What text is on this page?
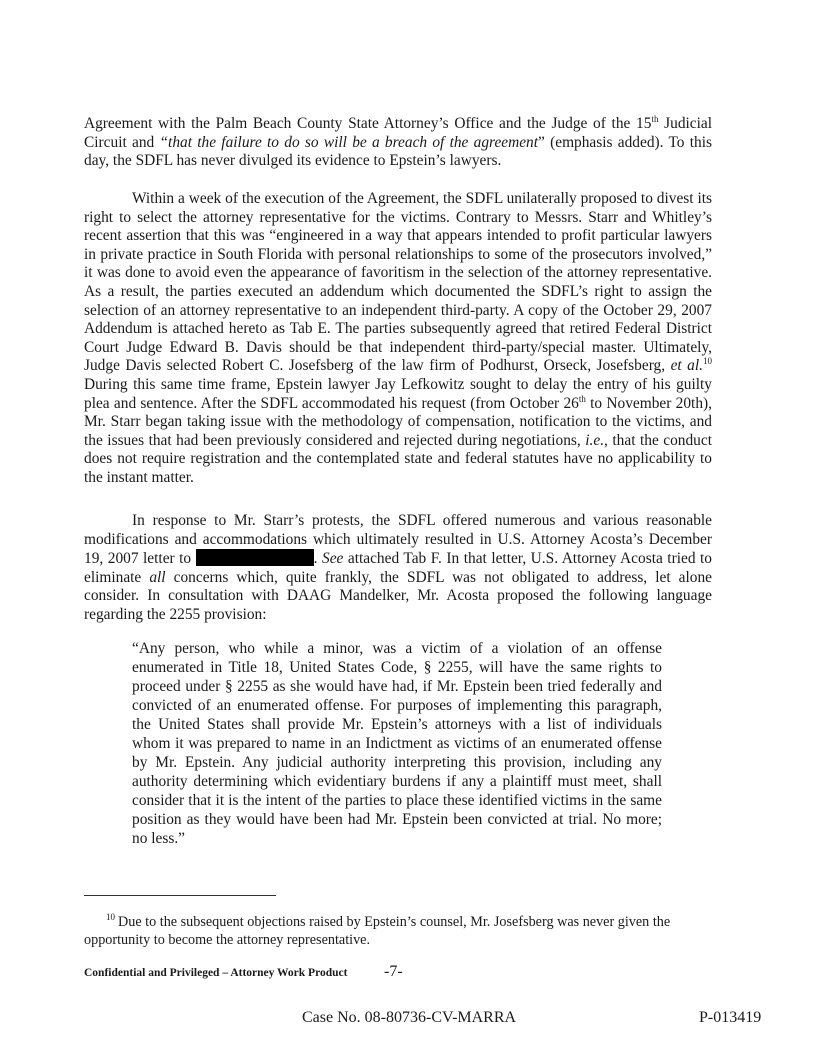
Agreement with the Palm Beach County State Attorney’s Office and the Judge of the 15th Judicial Circuit and “that the failure to do so will be a breach of the agreement” (emphasis added). To this day, the SDFL has never divulged its evidence to Epstein’s lawyers.

Within a week of the execution of the Agreement, the SDFL unilaterally proposed to divest its right to select the attorney representative for the victims. Contrary to Messrs. Starr and Whitley’s recent assertion that this was “engineered in a way that appears intended to profit particular lawyers in private practice in South Florida with personal relationships to some of the prosecutors involved,” it was done to avoid even the appearance of favoritism in the selection of the attorney representative. As a result, the parties executed an addendum which documented the SDFL’s right to assign the selection of an attorney representative to an independent third-party. A copy of the October 29, 2007 Addendum is attached hereto as Tab E. The parties subsequently agreed that retired Federal District Court Judge Edward B. Davis should be that independent third-party/special master. Ultimately, Judge Davis selected Robert C. Josefsberg of the law firm of Podhurst, Orseck, Josefsberg, et al.$^{10}$ During this same time frame, Epstein lawyer Jay Lefkowitz sought to delay the entry of his guilty plea and sentence. After the SDFL accommodated his request (from October 26th to November 20th), Mr. Starr began taking issue with the methodology of compensation, notification to the victims, and the issues that had been previously considered and rejected during negotiations, i.e., that the conduct does not require registration and the contemplated state and federal statutes have no applicability to the instant matter.

In response to Mr. Starr’s protests, the SDFL offered numerous and various reasonable modifications and accommodations which ultimately resulted in U.S. Attorney Acosta’s December 19, 2007 letter to	. See attached Tab F. In that letter, U.S. Attorney Acosta tried to eliminate all concerns which, quite frankly, the SDFL was not obligated to address, let alone consider. In consultation with DAAG Mandelker, Mr. Acosta proposed the following language regarding the 2255 provision:

“Any person, who while a minor, was a victim of a violation of an offense enumerated in Title 18, United States Code, § 2255, will have the same rights to proceed under § 2255 as she would have had, if Mr. Epstein been tried federally and convicted of an enumerated offense. For purposes of implementing this paragraph, the United States shall provide Mr. Epstein’s attorneys with a list of individuals whom it was prepared to name in an Indictment as victims of an enumerated offense by Mr. Epstein. Any judicial authority interpreting this provision, including any authority determining which evidentiary burdens if any a plaintiff must meet, shall consider that it is the intent of the parties to place these identified victims in the same position as they would have been had Mr. Epstein been convicted at trial. No more; no less.”

$^{10}$ Due to the subsequent objections raised by Epstein’s counsel, Mr. Josefsberg was never given the opportunity to become the attorney representative.

Confidential and Privileged – Attorney Work Product -7-
Case No. 08-80736-CV-MARRA	P-013419
